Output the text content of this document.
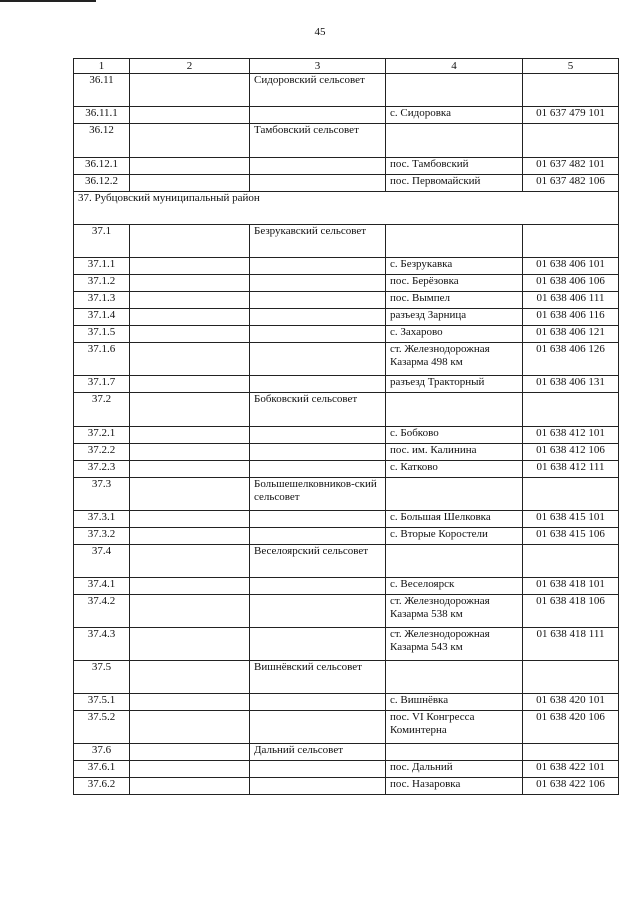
45
1	2	3	4	5
36.11		Сидоровский сельсовет		
36.11.1			с. Сидоровка	01 637 479 101
36.12		Тамбовский сельсовет		
36.12.1			пос. Тамбовский	01 637 482 101
36.12.2			пос. Первомайский	01 637 482 106
37. Рубцовский муниципальный район				
37.1		Безрукавский сельсовет		
37.1.1			с. Безрукавка	01 638 406 101
37.1.2			пос. Берёзовка	01 638 406 106
37.1.3			пос. Вымпел	01 638 406 111
37.1.4			разъезд Зарница	01 638 406 116
37.1.5			с. Захарово	01 638 406 121
37.1.6			ст. Железнодорожная Казарма 498 км	01 638 406 126
37.1.7			разъезд Тракторный	01 638 406 131
37.2		Бобковский сельсовет		
37.2.1			с. Бобково	01 638 412 101
37.2.2			пос. им. Калинина	01 638 412 106
37.2.3			с. Катково	01 638 412 111
37.3		Большешелковников-ский сельсовет		
37.3.1			с. Большая Шелковка	01 638 415 101
37.3.2			с. Вторые Коростели	01 638 415 106
37.4		Веселоярский сельсовет		
37.4.1			с. Веселоярск	01 638 418 101
37.4.2			ст. Железнодорожная Казарма 538 км	01 638 418 106
37.4.3			ст. Железнодорожная Казарма 543 км	01 638 418 111
37.5		Вишнёвский сельсовет		
37.5.1			с. Вишнёвка	01 638 420 101
37.5.2			пос. VI Конгресса Коминтерна	01 638 420 106
37.6		Дальний сельсовет		
37.6.1			пос. Дальний	01 638 422 101
37.6.2			пос. Назаровка	01 638 422 106
